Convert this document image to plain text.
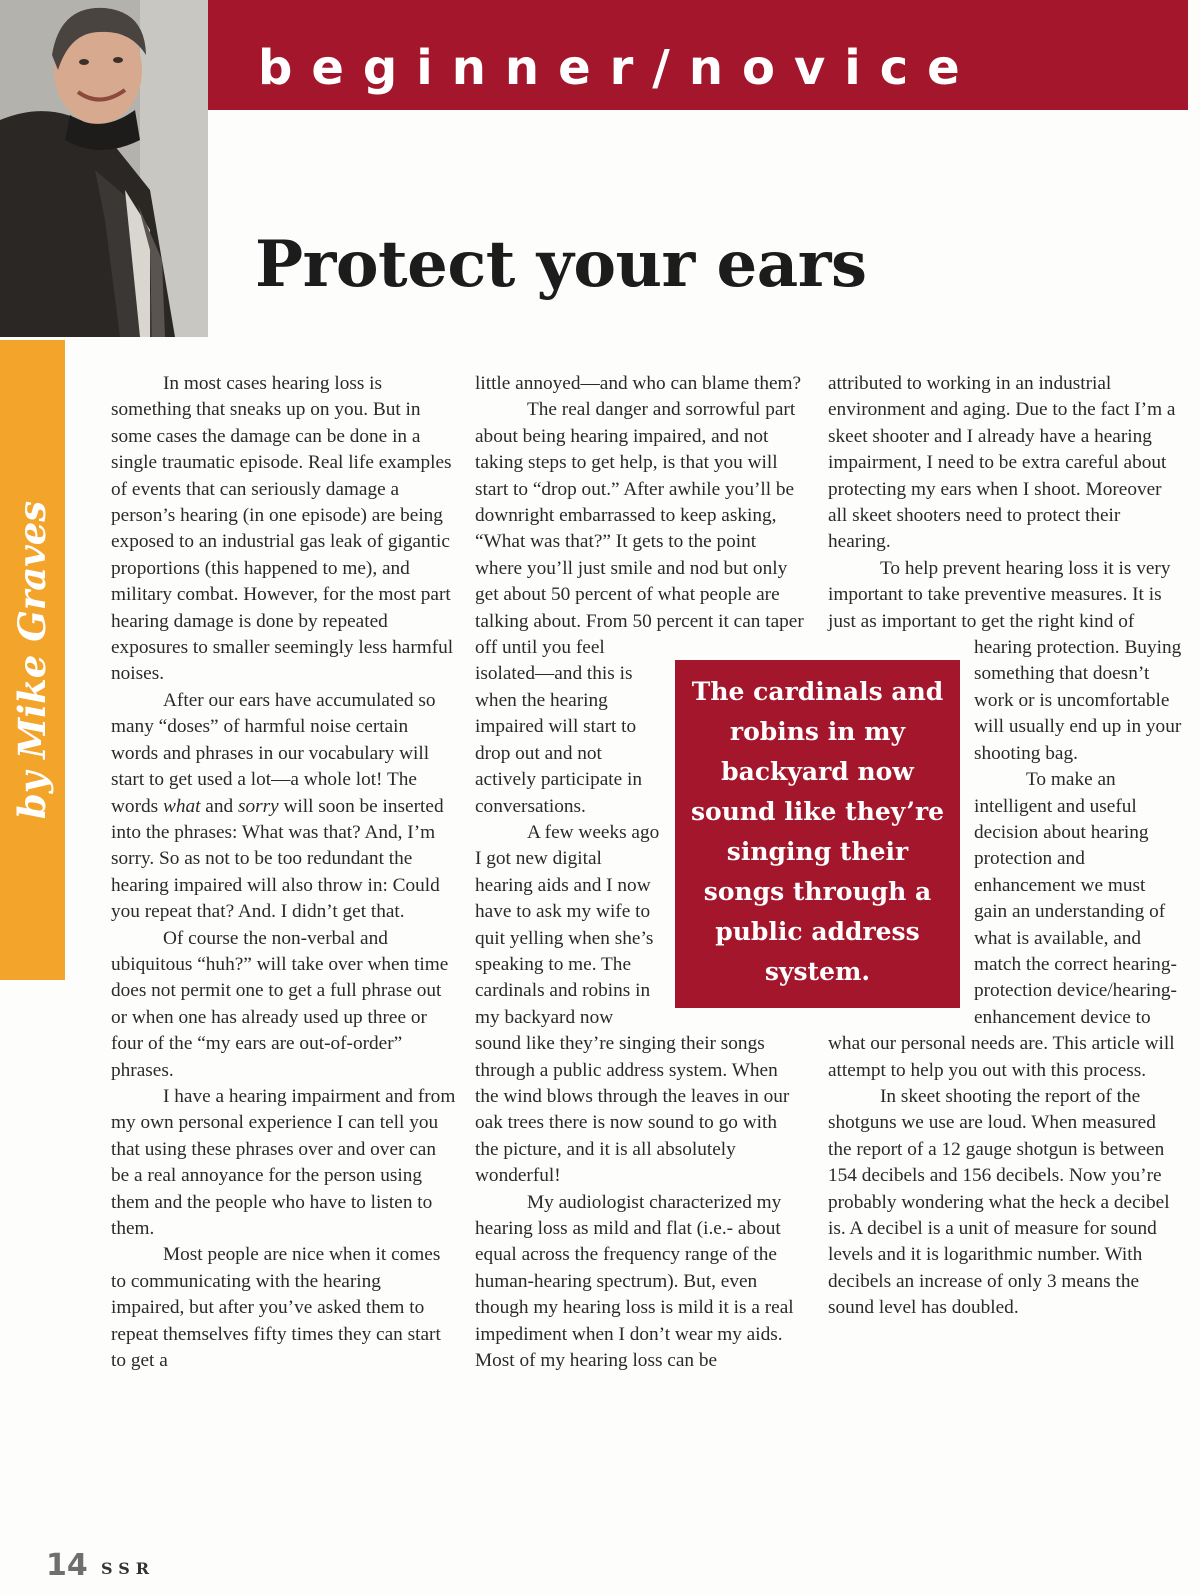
beginner/novice
Protect your ears
by Mike Graves

In most cases hearing loss is something that sneaks up on you. But in some cases the damage can be done in a single traumatic episode. Real life examples of events that can seriously damage a person’s hearing (in one episode) are being exposed to an industrial gas leak of gigantic proportions (this happened to me), and military combat. However, for the most part hearing damage is done by repeated exposures to smaller seemingly less harmful noises.

After our ears have accumulated so many “doses” of harmful noise certain words and phrases in our vocabulary will start to get used a lot—a whole lot! The words what and sorry will soon be inserted into the phrases: What was that? And, I’m sorry. So as not to be too redundant the hearing impaired will also throw in: Could you repeat that? And. I didn’t get that.

Of course the non-verbal and ubiquitous “huh?” will take over when time does not permit one to get a full phrase out or when one has already used up three or four of the “my ears are out-of-order” phrases.

I have a hearing impairment and from my own personal experience I can tell you that using these phrases over and over can be a real annoyance for the person using them and the people who have to listen to them.

Most people are nice when it comes to communicating with the hearing impaired, but after you’ve asked them to repeat themselves fifty times they can start to get a

little annoyed—and who can blame them?

The real danger and sorrowful part about being hearing impaired, and not taking steps to get help, is that you will start to “drop out.” After awhile you’ll be downright embarrassed to keep asking, “What was that?” It gets to the point where you’ll just smile and nod but only get about 50 percent of what people are talking about. From 50 percent it can taper off until you feel isolated—and this is when the hearing impaired will start to drop out and not actively participate in conversations.

A few weeks ago I got new digital hearing aids and I now have to ask my wife to quit yelling when she’s speaking to me. The cardinals and robins in my backyard now sound like they’re singing their songs through a public address system. When the wind blows through the leaves in our oak trees there is now sound to go with the picture, and it is all absolutely wonderful!

My audiologist characterized my hearing loss as mild and flat (i.e.- about equal across the frequency range of the human-hearing spectrum). But, even though my hearing loss is mild it is a real impediment when I don’t wear my aids. Most of my hearing loss can be

attributed to working in an industrial environment and aging. Due to the fact I’m a skeet shooter and I already have a hearing impairment, I need to be extra careful about protecting my ears when I shoot. Moreover all skeet shooters need to protect their hearing.

To help prevent hearing loss it is very important to take preventive measures. It is just as important to get the right kind of hearing protection. Buying something that doesn’t work or is uncomfortable will usually end up in your shooting bag.

To make an intelligent and useful decision about hearing protection and enhancement we must gain an understanding of what is available, and match the correct hearing-protection device/hearing-enhancement device to what our personal needs are. This article will attempt to help you out with this process.

In skeet shooting the report of the shotguns we use are loud. When measured the report of a 12 gauge shotgun is between 154 decibels and 156 decibels. Now you’re probably wondering what the heck a decibel is. A decibel is a unit of measure for sound levels and it is logarithmic number. With decibels an increase of only 3 means the sound level has doubled.

The cardinals and robins in my backyard now sound like they’re singing their songs through a public address system.
14 SSR
